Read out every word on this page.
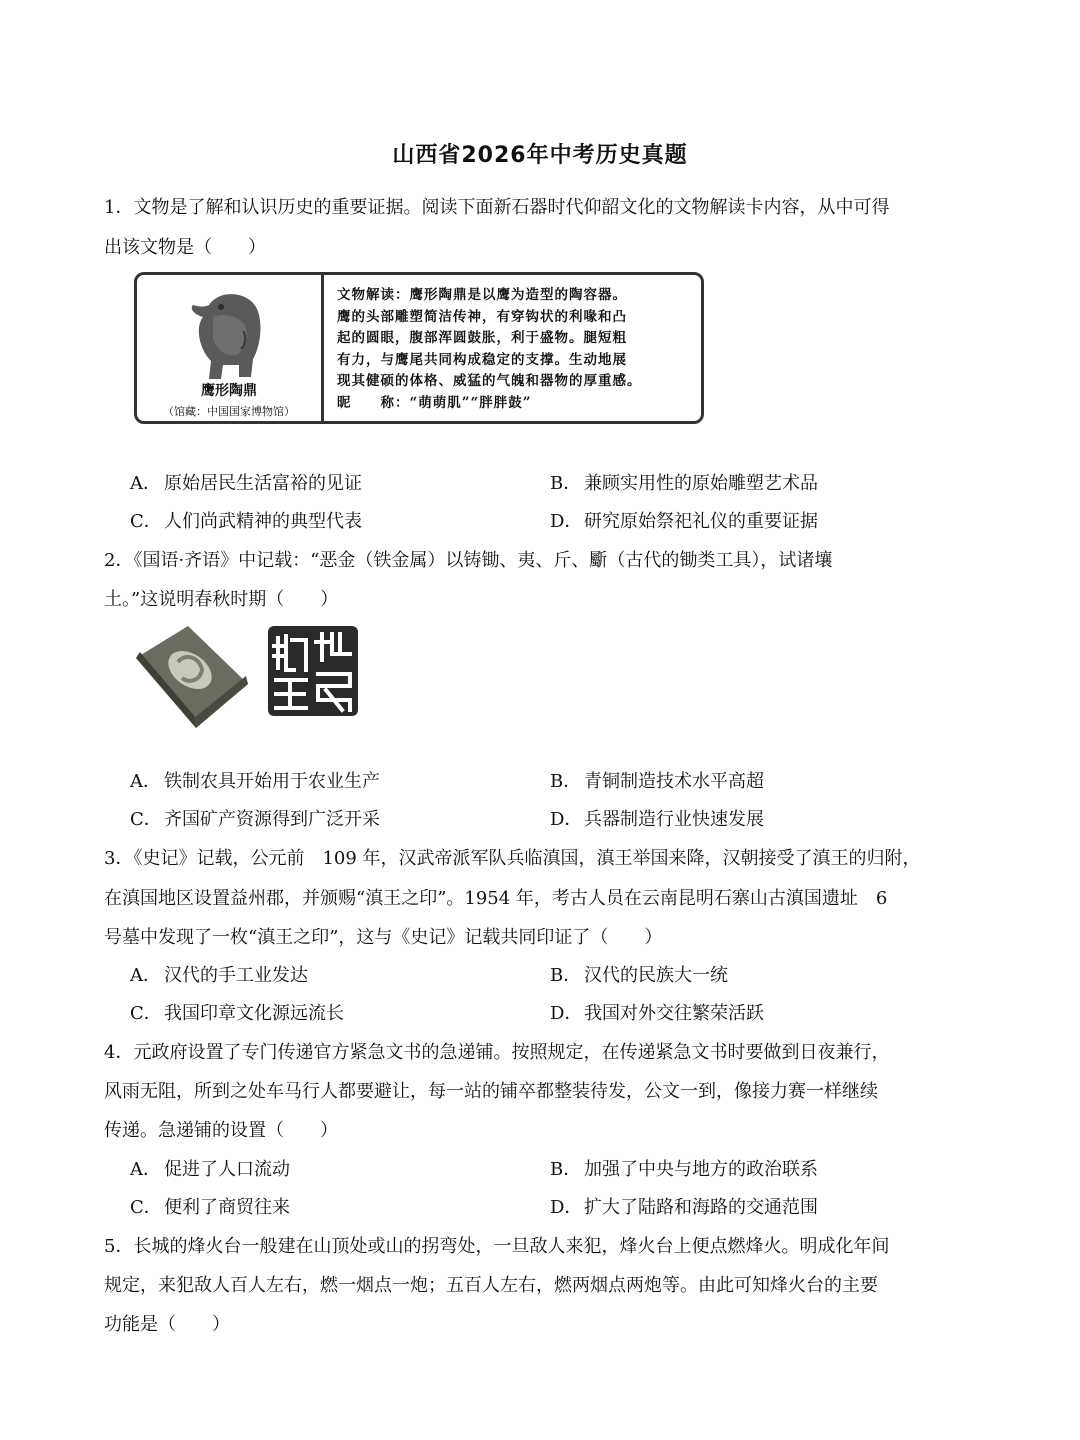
山西省2026年中考历史真题
1．文物是了解和认识历史的重要证据。阅读下面新石器时代仰韶文化的文物解读卡内容，从中可得
出该文物是（　　）
鹰形陶鼎
（馆藏：中国国家博物馆）
文物解读：鹰形陶鼎是以鹰为造型的陶容器。
鹰的头部雕塑简洁传神，有穿钩状的利喙和凸
起的圆眼，腹部浑圆鼓胀，利于盛物。腿短粗
有力，与鹰尾共同构成稳定的支撑。生动地展
现其健硕的体格、威猛的气魄和器物的厚重感。
昵　　称：“萌萌肌”“胖胖鼓”
A． 原始居民生活富裕的见证	B． 兼顾实用性的原始雕塑艺术品
C． 人们尚武精神的典型代表	D．研究原始祭祀礼仪的重要证据
2．《国语·齐语》中记载：“恶金（铁金属）以铸锄、夷、斤、斸（古代的锄类工具），试诸壤
土。”这说明春秋时期（　　）
A． 铁制农具开始用于农业生产	B． 青铜制造技术水平高超
C． 齐国矿产资源得到广泛开采	D．兵器制造行业快速发展
3．《史记》记载，公元前　109 年，汉武帝派军队兵临滇国，滇王举国来降，汉朝接受了滇王的归附，
在滇国地区设置益州郡，并颁赐“滇王之印”。1954 年，考古人员在云南昆明石寨山古滇国遗址　6
号墓中发现了一枚“滇王之印”，这与《史记》记载共同印证了（　　）
A． 汉代的手工业发达	B． 汉代的民族大一统
C． 我国印章文化源远流长	D．我国对外交往繁荣活跃
4．元政府设置了专门传递官方紧急文书的急递铺。按照规定，在传递紧急文书时要做到日夜兼行，
风雨无阻，所到之处车马行人都要避让，每一站的铺卒都整装待发，公文一到，像接力赛一样继续
传递。急递铺的设置（　　）
A． 促进了人口流动	B． 加强了中央与地方的政治联系
C． 便利了商贸往来	D．扩大了陆路和海路的交通范围
5．长城的烽火台一般建在山顶处或山的拐弯处，一旦敌人来犯，烽火台上便点燃烽火。明成化年间
规定，来犯敌人百人左右，燃一烟点一炮；五百人左右，燃两烟点两炮等。由此可知烽火台的主要
功能是（　　）
